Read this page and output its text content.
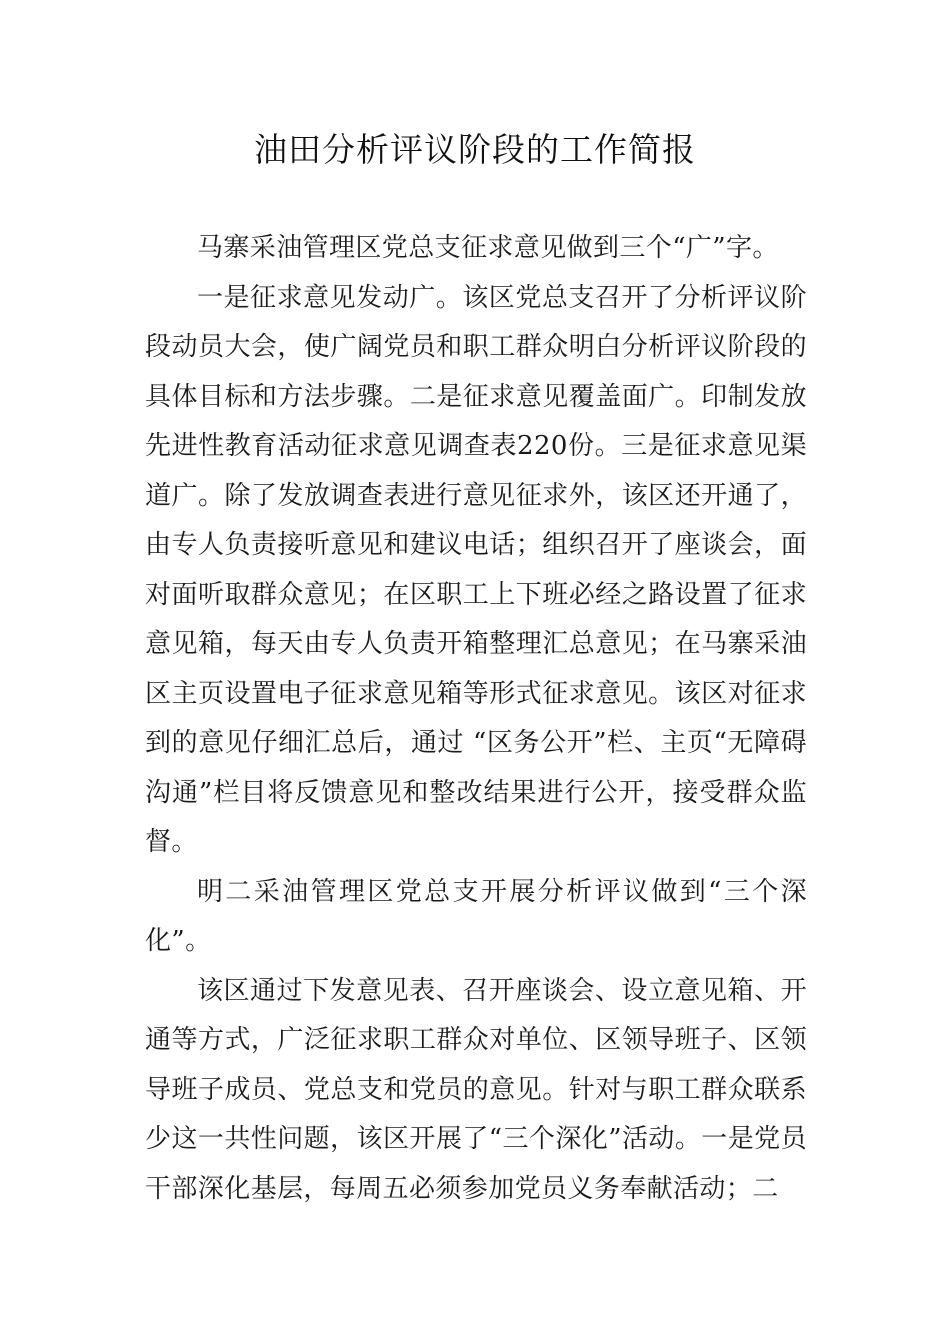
油田分析评议阶段的工作简报

马寨采油管理区党总支征求意见做到三个“广”字。

一是征求意见发动广。该区党总支召开了分析评议阶段动员大会，使广阔党员和职工群众明白分析评议阶段的具体目标和方法步骤。二是征求意见覆盖面广。印制发放先进性教育活动征求意见调查表220份。三是征求意见渠道广。除了发放调查表进行意见征求外，该区还开通了，由专人负责接听意见和建议电话；组织召开了座谈会，面对面听取群众意见；在区职工上下班必经之路设置了征求意见箱，每天由专人负责开箱整理汇总意见；在马寨采油区主页设置电子征求意见箱等形式征求意见。该区对征求到的意见仔细汇总后，通过 “区务公开”栏、主页“无障碍沟通”栏目将反馈意见和整改结果进行公开，接受群众监督。

明二采油管理区党总支开展分析评议做到“三个深化”。

该区通过下发意见表、召开座谈会、设立意见箱、开通等方式，广泛征求职工群众对单位、区领导班子、区领导班子成员、党总支和党员的意见。针对与职工群众联系少这一共性问题，该区开展了“三个深化”活动。一是党员干部深化基层，每周五必须参加党员义务奉献活动；二
